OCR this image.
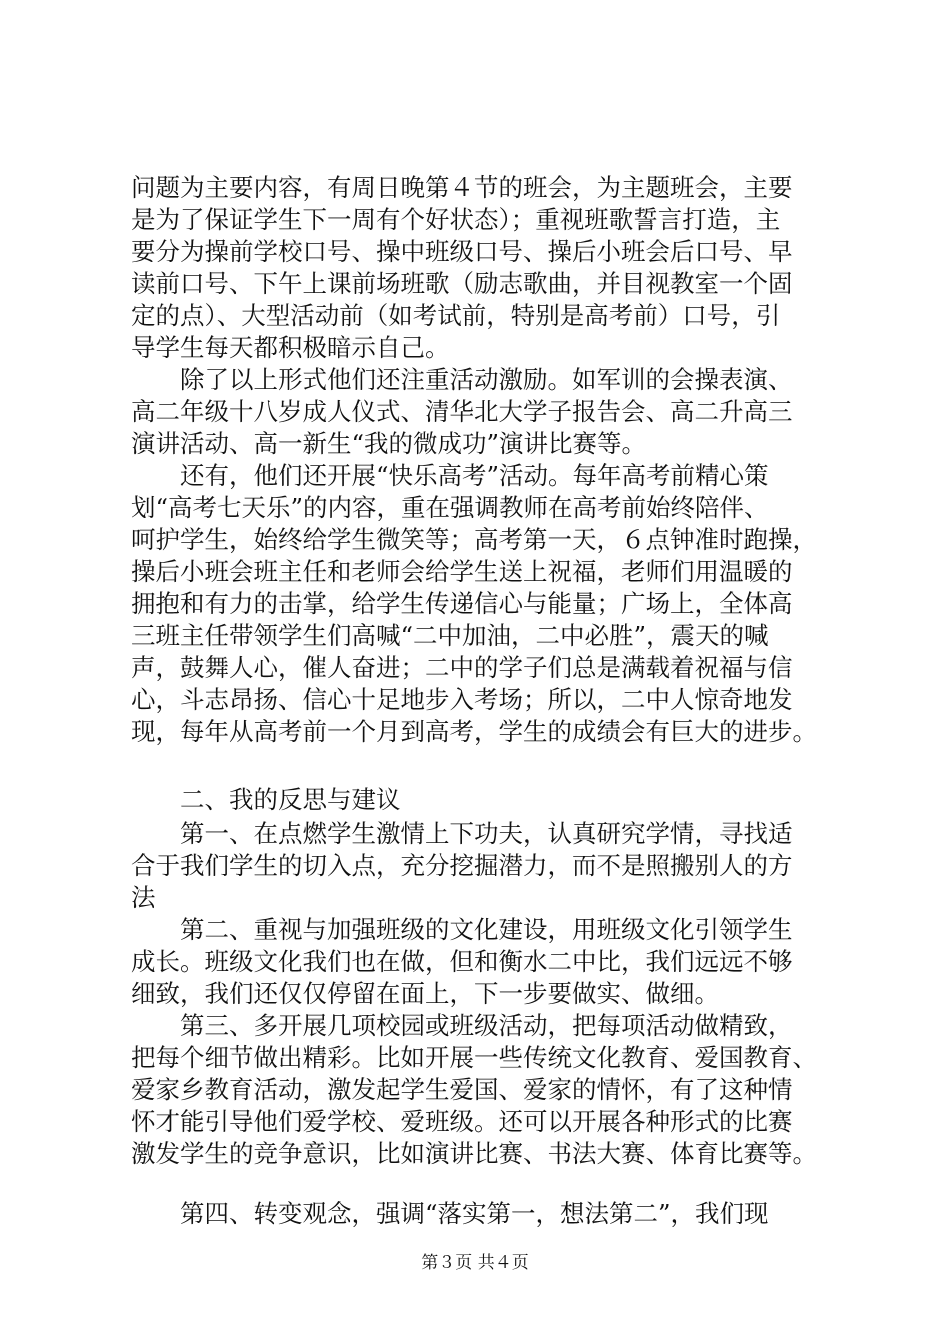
问题为主要内容，有周日晚第４节的班会，为主题班会，主要
是为了保证学生下一周有个好状态）；重视班歌誓言打造，主
要分为操前学校口号、操中班级口号、操后小班会后口号、早
读前口号、下午上课前场班歌（励志歌曲，并目视教室一个固
定的点）、大型活动前（如考试前，特别是高考前）口号，引
导学生每天都积极暗示自己。
　　除了以上形式他们还注重活动激励。如军训的会操表演、
高二年级十八岁成人仪式、清华北大学子报告会、高二升高三
演讲活动、高一新生“我的微成功”演讲比赛等。
　　还有，他们还开展“快乐高考”活动。每年高考前精心策
划“高考七天乐”的内容，重在强调教师在高考前始终陪伴、
呵护学生，始终给学生微笑等；高考第一天，６点钟准时跑操，
操后小班会班主任和老师会给学生送上祝福，老师们用温暖的
拥抱和有力的击掌，给学生传递信心与能量；广场上，全体高
三班主任带领学生们高喊“二中加油，二中必胜”，震天的喊
声，鼓舞人心，催人奋进；二中的学子们总是满载着祝福与信
心，斗志昂扬、信心十足地步入考场；所以，二中人惊奇地发
现，每年从高考前一个月到高考，学生的成绩会有巨大的进步。
　　二、我的反思与建议
　　第一、在点燃学生激情上下功夫，认真研究学情，寻找适
合于我们学生的切入点，充分挖掘潜力，而不是照搬别人的方
法
　　第二、重视与加强班级的文化建设，用班级文化引领学生
成长。班级文化我们也在做，但和衡水二中比，我们远远不够
细致，我们还仅仅停留在面上，下一步要做实、做细。
　　第三、多开展几项校园或班级活动，把每项活动做精致，
把每个细节做出精彩。比如开展一些传统文化教育、爱国教育、
爱家乡教育活动，激发起学生爱国、爱家的情怀，有了这种情
怀才能引导他们爱学校、爱班级。还可以开展各种形式的比赛
激发学生的竞争意识，比如演讲比赛、书法大赛、体育比赛等。
　　第四、转变观念，强调“落实第一，想法第二”，我们现
第３页 共４页
